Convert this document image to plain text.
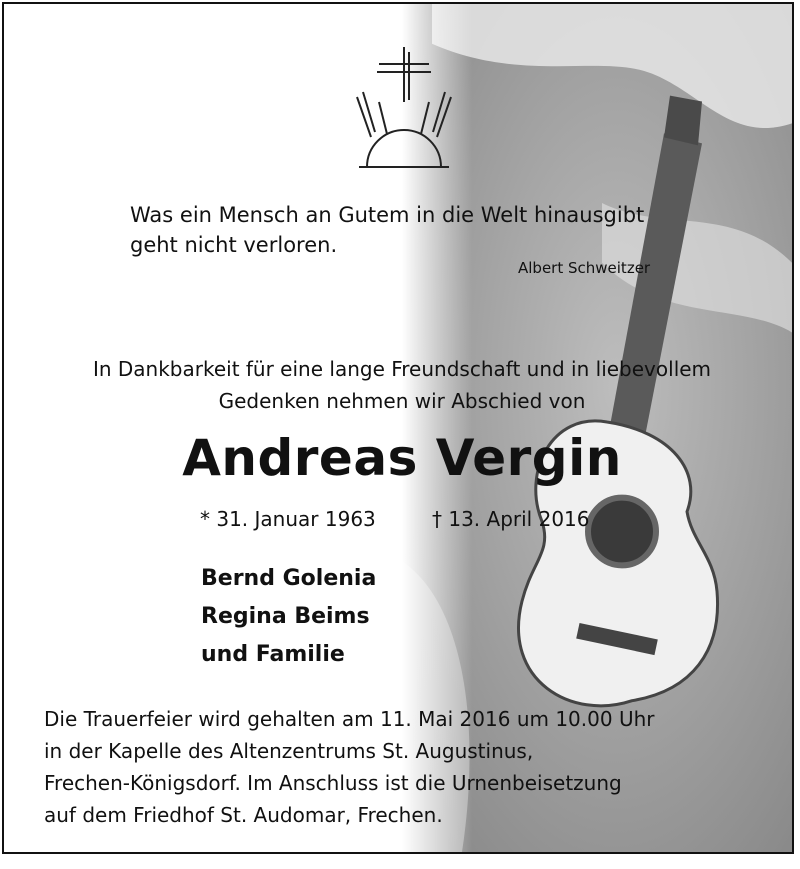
Was ein Mensch an Gutem in die Welt hinausgibt
geht nicht verloren.
Albert Schweitzer
In Dankbarkeit für eine lange Freundschaft und in liebevollem
Gedenken nehmen wir Abschied von
Andreas Vergin
* 31. Januar 1963	† 13. April 2016
Bernd Golenia
Regina Beims
und Familie
Die Trauerfeier wird gehalten am 11. Mai 2016 um 10.00 Uhr
in der Kapelle des Altenzentrums St. Augustinus,
Frechen-Königsdorf. Im Anschluss ist die Urnenbeisetzung
auf dem Friedhof St. Audomar, Frechen.
